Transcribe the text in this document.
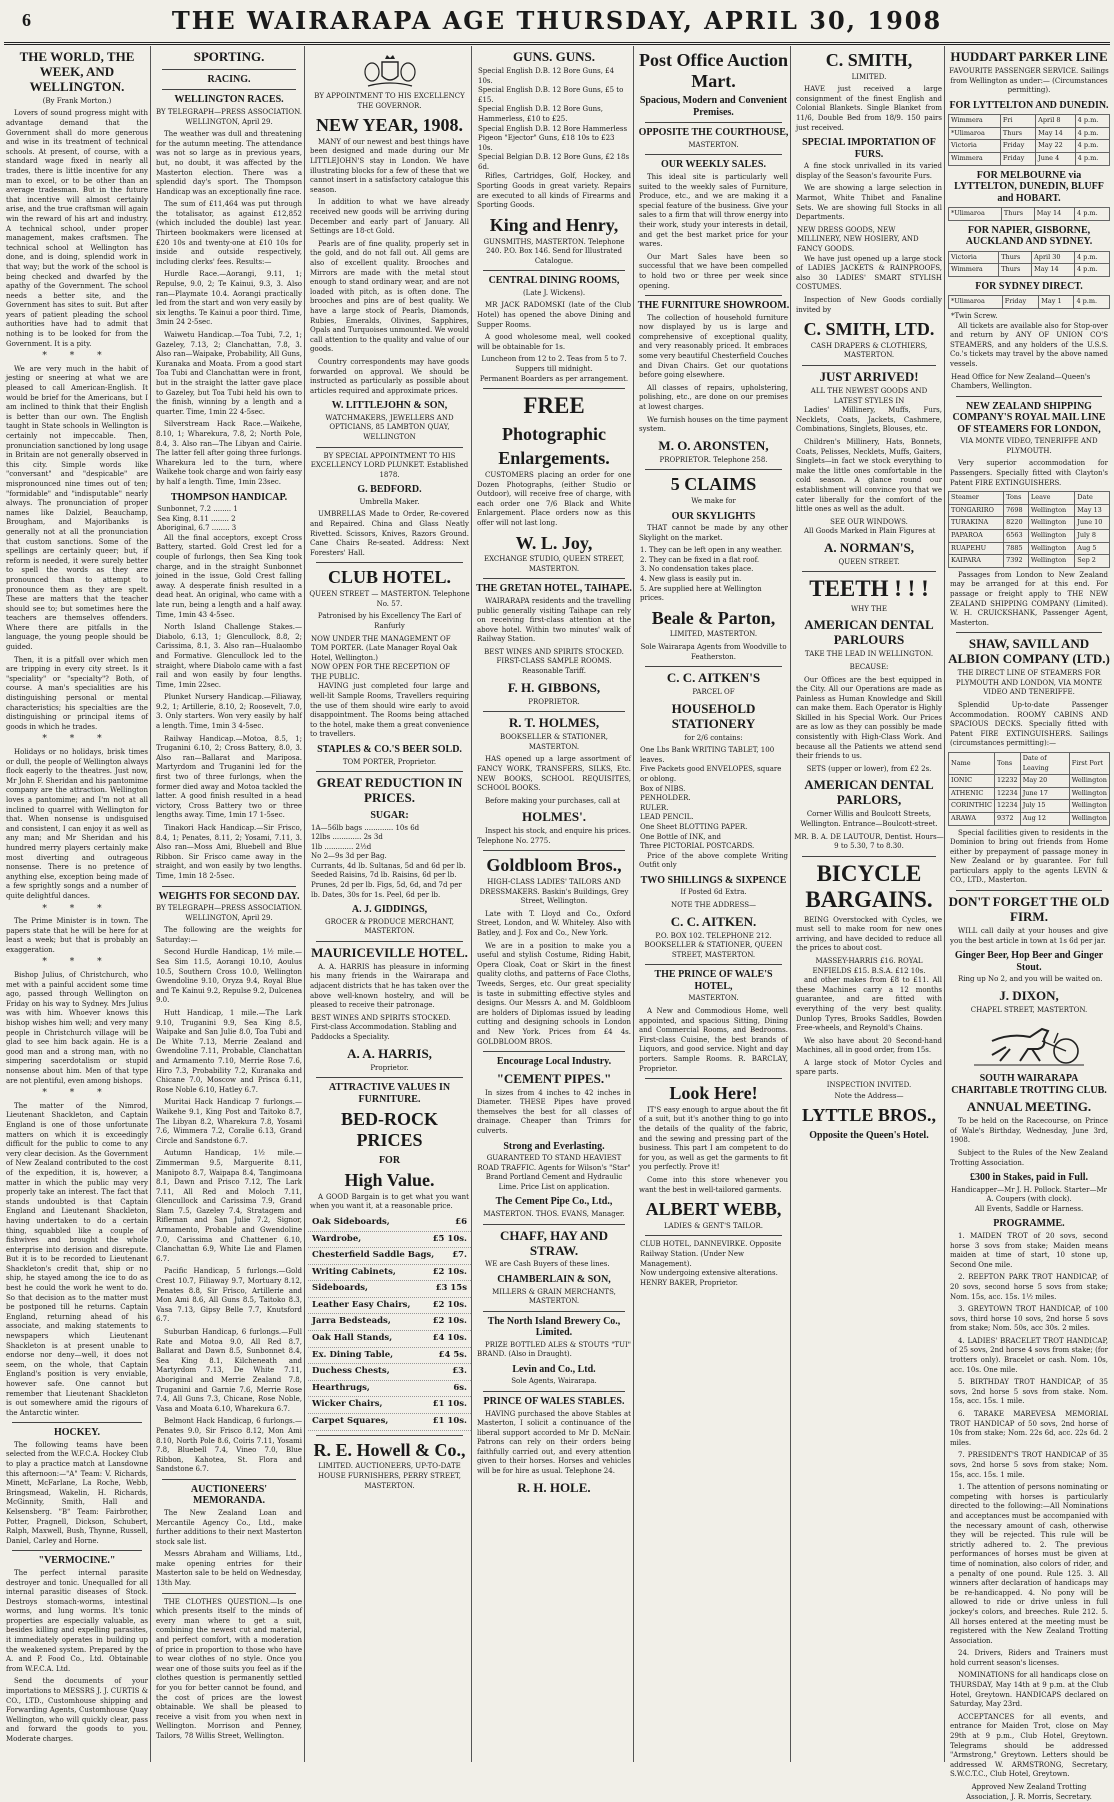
6	THE WAIRARAPA AGE THURSDAY, APRIL 30, 1908
THE WORLD, THE WEEK, AND WELLINGTON.
(By Frank Morton.)
Lovers of sound progress might with advantage demand that the Government shall do more generous and wise in its treatment of technical schools. At present, of course, with a standard wage fixed in nearly all trades, there is little incentive for any man to excel, or to be other than an average tradesman. But in the future that incentive will almost certainly arise, and the true craftsman will again win the reward of his art and industry. A technical school, under proper management, makes craftsmen. The technical school at Wellington has done, and is doing, splendid work in that way; but the work of the school is being checked and dwarfed by the apathy of the Government. The school needs a better site, and the Government has sites to suit. But after years of patient pleading the school authorities have had to admit that nothing is to be looked for from the Government. It is a pity.
* * *
We are very much in the habit of jesting or sneering at what we are pleased to call American-English. It would be brief for the Americans, but I am inclined to think that their English is better than our own. The English taught in State schools in Wellington is certainly not impeccable. Then, pronunciation sanctioned by long usage in Britain are not generally observed in this city. Simple words like "conversant" and "despicable" are mispronounced nine times out of ten; "formidable" and "indisputable" nearly always. The pronunciation of proper names like Dalziel, Beauchamp, Brougham, and Majoribanks is generally not at all the pronunciation that custom sanctions. Some of the spellings are certainly queer; but, if reform is needed, it were surely better to spell the words as they are pronounced than to attempt to pronounce them as they are spelt. These are matters that the teacher should see to; but sometimes here the teachers are themselves offenders. Where there are pitfalls in the language, the young people should be guided.
Then, it is a pitfall over which men are tripping in every city street. Is it "speciality" or "specialty"? Both, of course. A man's specialities are his distinguishing personal or mental characteristics; his specialties are the distinguishing or principal items of goods in which he trades.
* * *
Holidays or no holidays, brisk times or dull, the people of Wellington always flock eagerly to the theatres. Just now, Mr John F. Sheridan and his pantomime company are the attraction. Wellington loves a pantomime; and I'm not at all inclined to quarrel with Wellington for that. When nonsense is undisguised and consistent, I can enjoy it as well as any man; and Mr Sheridan and his hundred merry players certainly make most diverting and outrageous nonsense. There is no pretence of anything else, exception being made of a few sprightly songs and a number of quite delightful dances.
* * *
The Prime Minister is in town. The papers state that he will be here for at least a week; but that is probably an exaggeration.
* * *
Bishop Julius, of Christchurch, who met with a painful accident some time ago, passed through Wellington on Friday on his way to Sydney. Mrs Julius was with him. Whoever knows this bishop wishes him well; and very many people in Christchurch village will be glad to see him back again. He is a good man and a strong man, with no simpering sacerdotalism or stupid nonsense about him. Men of that type are not plentiful, even among bishops.
* * *
The matter of the Nimrod, Lieutenant Shackleton, and Captain England is one of those unfortunate matters on which it is exceedingly difficult for the public to come to any very clear decision. As the Government of New Zealand contributed to the cost of the expedition, it is, however, a matter in which the public may very properly take an interest. The fact that stands undoubted is that Captain England and Lieutenant Shackleton, having undertaken to do a certain thing, squabbled like a couple of fishwives and brought the whole enterprise into derision and disrepute. But it is to be recorded to Lieutenant Shackleton's credit that, ship or no ship, he stayed among the ice to do as best he could the work he went to do. So that decision as to the matter must be postponed till he returns. Captain England, returning ahead of his associate, and making statements to newspapers which Lieutenant Shackleton is at present unable to endorse nor deny—well, it does not seem, on the whole, that Captain England's position is very enviable, however safe. One cannot but remember that Lieutenant Shackleton is out somewhere amid the rigours of the Antarctic winter.
HOCKEY.
The following teams have been selected from the W.F.C.A. Hockey Club to play a practice match at Lansdowne this afternoon:—"A" Team: V. Richards, Minett, McFarlane, La Roche, Webb, Bringsmead, Wakelin, H. Richards, McGinnity, Smith, Hall and Kelsensberg. "B" Team: Fairbrother, Potter, Pragnell, Dickson, Schubert, Ralph, Maxwell, Bush, Thynne, Russell, Daniel, Carley and Horne.
"VERMOCINE."
The perfect internal parasite destroyer and tonic. Unequalled for all internal parasitic diseases of Stock. Destroys stomach-worms, intestinal worms, and lung worms. It's tonic properties are especially valuable, as besides killing and expelling parasites, it immediately operates in building up the weakened system. Prepared by the A. and P. Food Co., Ltd. Obtainable from W.F.C.A. Ltd.
Send the documents of your importations to MESSRS J. J. CURTIS & CO., LTD., Customhouse shipping and Forwarding Agents, Customhouse Quay Wellington, who will quickly clear, pass and forward the goods to you. Moderate charges.
SPORTING.
RACING.
WELLINGTON RACES.
BY TELEGRAPH—PRESS ASSOCIATION. WELLINGTON, April 29.
The weather was dull and threatening for the autumn meeting. The attendance was not so large as in previous years, but, no doubt, it was affected by the Masterton election. There was a splendid day's sport. The Thompson Handicap was an exceptionally fine race.
The sum of £11,464 was put through the totalisator, as against £12,852 (which included the double) last year. Thirteen bookmakers were licensed at £20 10s and twenty-one at £10 10s for inside and outside respectively, including clerks' fees. Results:—
Hurdle Race.—Aorangi, 9.11, 1; Repulse, 9.0, 2; Te Kainui, 9.3, 3. Also ran—Playmate 10.4. Aorangi practically led from the start and won very easily by six lengths. Te Kainui a poor third. Time, 3min 24 2-5sec.
Waiwetu Handicap.—Toa Tubi, 7.2, 1; Gazeley, 7.13, 2; Clanchattan, 7.8, 3. Also ran—Waipake, Probability, All Guns, Kuranaka and Moata. From a good start Toa Tubi and Clanchattan were in front, but in the straight the latter gave place to Gazeley, but Toa Tubi held his own to the finish, winning by a length and a quarter. Time, 1min 22 4-5sec.
Silverstream Hack Race.—Waikehe, 8.10, 1; Wharekura, 7.8, 2; North Pole, 8.4, 3. Also ran—The Libyan and Cairie. The latter fell after going three furlongs. Wharekura led to the turn, where Waikehe took charge and won fairly easy by half a length. Time, 1min 23sec.
THOMPSON HANDICAP.
Sunbonnet, 7.2 ........ 1
Sea King, 8.11 ........ 2
Aboriginal, 6.7 ........ 3
All the final acceptors, except Cross Battery, started. Gold Crest led for a couple of furlongs, then Sea King took charge, and in the straight Sunbonnet joined in the issue, Gold Crest falling away. A desperate finish resulted in a dead heat. An original, who came with a late run, being a length and a half away. Time, 1min 43 4-5sec.
North Island Challenge Stakes.—Diabolo, 6.13, 1; Glencullock, 8.8, 2; Carissima, 8.1, 3. Also ran—Hualaombo and Formative. Glencullock led to the straight, where Diabolo came with a fast rail and won easily by four lengths. Time, 1min 22sec.
Plunket Nursery Handicap.—Filiaway, 9.2, 1; Artillerie, 8.10, 2; Roosevelt, 7.0, 3. Only starters. Won very easily by half a length. Time, 1min 3 4-5sec.
Railway Handicap.—Motoa, 8.5, 1; Truganini 6.10, 2; Cross Battery, 8.0, 3. Also ran—Ballarat and Mariposa. Martyrdom and Truganini led for the first two of three furlongs, when the former died away and Motoa tackled the latter. A good finish resulted in a head victory, Cross Battery two or three lengths away. Time, 1min 17 1-5sec.
Tinakori Hack Handicap.—Sir Frisco, 8.4, 1; Penates, 8.11, 2; Yosami, 7.11, 3. Also ran—Moss Ami, Bluebell and Blue Ribbon. Sir Frisco came away in the straight, and won easily by two lengths. Time, 1min 18 2-5sec.
WEIGHTS FOR SECOND DAY.
BY TELEGRAPH—PRESS ASSOCIATION. WELLINGTON, April 29.
The following are the weights for Saturday:—
Second Hurdle Handicap, 1½ mile.—Sea Sim 11.5, Aorangi 10.10, Aoulus 10.5, Southern Cross 10.0, Wellington Gwendoline 9.10, Oryza 9.4, Royal Blue and Te Kainui 9.2, Repulse 9.2, Dulcenea 9.0.
Hutt Handicap, 1 mile.—The Lark 9.10, Truganini 9.9, Sea King 8.5, Waipake and San Julie 8.0, Toa Tubi and De White 7.13, Merrie Zealand and Gwendoline 7.11, Probable, Clanchattan and Armamento 7.10, Merrie Rose 7.6, Hiro 7.3, Probability 7.2, Kuranaka and Chicane 7.0, Moscow and Prisca 6.11, Rose Noble 6.10, Hatley 6.7.
Muritai Hack Handicap 7 furlongs.—Waikehe 9.1, King Post and Taitoko 8.7, The Libyan 8.2, Wharekura 7.8, Yosami 7.6, Wimmera 7.2, Coralie 6.13, Grand Circle and Sandstone 6.7.
Autumn Handicap, 1½ mile.—Zimmerman 9.5, Marguerite 8.11, Manipoto 8.7, Waipapa 8.4, Tangimoana 8.1, Dawn and Prisco 7.12, The Lark 7.11, All Red and Moloch 7.11, Glencullock and Carissima 7.9, Grand Slam 7.5, Gazeley 7.4, Stratagem and Rifleman and San Julie 7.2, Signor, Armamento, Probable and Gwendoline 7.0, Carissima and Chattener 6.10, Clanchattan 6.9, White Lie and Flamen 6.7.
Pacific Handicap, 5 furlongs.—Gold Crest 10.7, Filiaway 9.7, Mortuary 8.12, Penates 8.8, Sir Frisco, Artillerie and Mon Ami 8.6, All Guns 8.5, Taitoko 8.3, Vasa 7.13, Gipsy Belle 7.7, Knutsford 6.7.
Suburban Handicap, 6 furlongs.—Full Rate and Motoa 9.0, All Red 8.7, Ballarat and Dawn 8.5, Sunbonnet 8.4, Sea King 8.1, Kilcheneath and Martyrdom 7.13, De White 7.11, Aboriginal and Merrie Zealand 7.8, Truganini and Garnie 7.6, Merrie Rose 7.4, All Guns 7.3, Chicane, Rose Noble, Vasa and Moata 6.10, Wharekura 6.7.
Belmont Hack Handicap, 6 furlongs.—Penates 9.0, Sir Frisco 8.12, Mon Ami 8.10, North Pole 8.6, Coiris 7.11, Yosami 7.8, Bluebell 7.4, Vineo 7.0, Blue Ribbon, Kahotea, St. Flora and Sandstone 6.7.
AUCTIONEERS' MEMORANDA.
The New Zealand Loan and Mercantile Agency Co., Ltd., make further additions to their next Masterton stock sale list.
Messrs Abraham and Williams, Ltd., make opening entries for their Masterton sale to be held on Wednesday, 13th May.
THE CLOTHES QUESTION.—Is one which presents itself to the minds of every man where to get a suit, combining the newest cut and material, and perfect comfort, with a moderation of price in proportion to those who have to wear clothes of no style. Once you wear one of those suits you feel as if the clothes question is permanently settled for you for better cannot be found, and the cost of prices are the lowest obtainable. We shall be pleased to receive a visit from you when next in Wellington. Morrison and Penney, Tailors, 78 Willis Street, Wellington.
BY APPOINTMENT TO HIS EXCELLENCY THE GOVERNOR.
NEW YEAR, 1908.
MANY of our newest and best things have been designed and made during our Mr LITTLEJOHN'S stay in London. We have illustrating blocks for a few of these that we cannot insert in a satisfactory catalogue this season.
In addition to what we have already received new goods will be arriving during December and early part of January. All Settings are 18-ct Gold.
Pearls are of fine quality, properly set in the gold, and do not fall out. All gems are also of excellent quality. Brooches and Mirrors are made with the metal stout enough to stand ordinary wear, and are not loaded with pitch, as is often done. The brooches and pins are of best quality. We have a large stock of Pearls, Diamonds, Rubies, Emeralds, Olivines, Sapphires, Opals and Turquoises unmounted. We would call attention to the quality and value of our goods.
Country correspondents may have goods forwarded on approval. We should be instructed as particularly as possible about articles required and approximate prices.
W. LITTLEJOHN & SON,
WATCHMAKERS, JEWELLERS AND OPTICIANS, 85 LAMBTON QUAY, WELLINGTON
BY SPECIAL APPOINTMENT TO HIS EXCELLENCY LORD PLUNKET. Established 1878.
G. BEDFORD.
Umbrella Maker.
UMBRELLAS Made to Order, Re-covered and Repaired. China and Glass Neatly Rivetted. Scissors, Knives, Razors Ground. Cane Chairs Re-seated. Address: Next Foresters' Hall.
CLUB HOTEL.
QUEEN STREET — MASTERTON. Telephone No. 57.
Patronised by his Excellency The Earl of Ranfurly
NOW UNDER THE MANAGEMENT OF TOM PORTER. (Late Manager Royal Oak Hotel, Wellington.)
NOW OPEN FOR THE RECEPTION OF THE PUBLIC.
HAVING just completed four large and well-lit Sample Rooms, Travellers requiring the use of them should wire early to avoid disappointment. The Rooms being attached to the hotel, make them a great convenience to travellers.
STAPLES & CO.'S BEER SOLD.
TOM PORTER, Proprietor.
GREAT REDUCTION IN PRICES.
SUGAR:
1A—56lb bags ............. 10s 6d
12lbs ............. 2s 3d
1lb ............. 2½d
No 2—9s 3d per Bag.
Currants, 4d lb. Sultanas, 5d and 6d per lb. Seeded Raisins, 7d lb. Raisins, 6d per lb. Prunes, 2d per lb. Figs, 5d, 6d, and 7d per lb. Dates, 30s for 1s. Peel, 6d per lb.
A. J. GIDDINGS,
GROCER & PRODUCE MERCHANT, MASTERTON.
MAURICEVILLE HOTEL.
A. A. HARRIS has pleasure in informing his many friends in the Wairarapa and adjacent districts that he has taken over the above well-known hostelry, and will be pleased to receive their patronage.
BEST WINES AND SPIRITS STOCKED. First-class Accommodation. Stabling and Paddocks a Speciality.
A. A. HARRIS,
Proprietor.
ATTRACTIVE VALUES IN FURNITURE.
BED-ROCK PRICES
FOR
High Value.
A GOOD Bargain is to get what you want when you want it, at a reasonable price.
Oak Sideboards,	£6
Wardrobe,	£5 10s.
Chesterfield Saddle Bags, £7.
Writing Cabinets,	£2 10s.
Sideboards,	£3 15s
Leather Easy Chairs,	£2 10s.
Jarra Bedsteads,	£2 10s.
Oak Hall Stands,	£4 10s.
Ex. Dining Table,	£4 5s.
Duchess Chests,	£3.
Hearthrugs,	6s.
Wicker Chairs,	£1 10s.
Carpet Squares,	£1 10s.
R. E. Howell & Co.,
LIMITED. AUCTIONEERS, UP-TO-DATE HOUSE FURNISHERS, PERRY STREET, MASTERTON.
GUNS. GUNS.
Special English D.B. 12 Bore Guns, £4 10s.
Special English D.B. 12 Bore Guns, £5 to £15.
Special English D.B. 12 Bore Guns, Hammerless, £10 to £25.
Special English D.B. 12 Bore Hammerless Pigeon "Ejector" Guns, £18 10s to £23 10s.
Special Belgian D.B. 12 Bore Guns, £2 18s 6d.
Rifles, Cartridges, Golf, Hockey, and Sporting Goods in great variety. Repairs are executed to all kinds of Firearms and Sporting Goods.
King and Henry,
GUNSMITHS, MASTERTON. Telephone 240. P.O. Box 146. Send for Illustrated Catalogue.
CENTRAL DINING ROOMS,
(Late J. Wickens).
MR JACK RADOMSKI (late of the Club Hotel) has opened the above Dining and Supper Rooms.
A good wholesome meal, well cooked will be obtainable for 1s.
Luncheon from 12 to 2. Teas from 5 to 7. Suppers till midnight.
Permanent Boarders as per arrangement.
FREE
Photographic
Enlargements.
CUSTOMERS placing an order for one Dozen Photographs, (either Studio or Outdoor), will receive free of charge, with each order one 7/6 Black and White Enlargement. Place orders now as this offer will not last long.
W. L. Joy,
EXCHANGE STUDIO, QUEEN STREET, MASTERTON.
THE GRETAN HOTEL, TAIHAPE.
WAIRARAPA residents and the travelling public generally visiting Taihape can rely on receiving first-class attention at the above hotel. Within two minutes' walk of Railway Station.
BEST WINES AND SPIRITS STOCKED. FIRST-CLASS SAMPLE ROOMS. Reasonable Tariff.
F. H. GIBBONS,
PROPRIETOR.
R. T. HOLMES,
BOOKSELLER & STATIONER, MASTERTON.
HAS opened up a large assortment of FANCY WORK, TRANSFERS, SILKS, Etc. NEW BOOKS, SCHOOL REQUISITES, SCHOOL BOOKS.
Before making your purchases, call at
HOLMES'.
Inspect his stock, and enquire his prices. Telephone No. 2775.
Goldbloom Bros.,
HIGH-CLASS LADIES' TAILORS AND DRESSMAKERS. Baskin's Buildings, Grey Street, Wellington.
Late with T. Lloyd and Co., Oxford Street, London, and W. Whiteley. Also with Batley, and J. Fox and Co., New York.
We are in a position to make you a useful and stylish Costume, Riding Habit, Opera Cloak, Coat or Skirt in the finest quality cloths, and patterns of Face Cloths, Tweeds, Serges, etc. Our great speciality is taste in submitting effective styles and designs. Our Messrs A. and M. Goldbloom are holders of Diplomas issued by leading cutting and designing schools in London and New York. Prices from £4 4s. GOLDBLOOM BROS.
Encourage Local Industry.
"CEMENT PIPES."
In sizes from 4 inches to 42 inches in Diameter. THESE Pipes have proved themselves the best for all classes of drainage. Cheaper than Trimrs for culverts.
Strong and Everlasting.
GUARANTEED TO STAND HEAVIEST ROAD TRAFFIC. Agents for Wilson's "Star" Brand Portland Cement and Hydraulic Lime. Price List on application.
The Cement Pipe Co., Ltd.,
MASTERTON. THOS. EVANS, Manager.
CHAFF, HAY AND STRAW.
WE are Cash Buyers of these lines.
CHAMBERLAIN & SON,
MILLERS & GRAIN MERCHANTS, MASTERTON.
The North Island Brewery Co., Limited.
PRIZE BOTTLED ALES & STOUTS "TUI" BRAND. (Also in Draught).
Levin and Co., Ltd.
Sole Agents, Wairarapa.
PRINCE OF WALES STABLES.
HAVING purchased the above Stables at Masterton, I solicit a continuance of the liberal support accorded to Mr D. McNair. Patrons can rely on their orders being faithfully carried out, and every attention given to their horses. Horses and vehicles will be for hire as usual. Telephone 24.
R. H. HOLE.
Post Office Auction Mart.
Spacious, Modern and Convenient Premises.
OPPOSITE THE COURTHOUSE,
MASTERTON.
OUR WEEKLY SALES.
This ideal site is particularly well suited to the weekly sales of Furniture, Produce, etc., and we are making it a special feature of the business. Give your sales to a firm that will throw energy into their work, study your interests in detail, and get the best market price for your wares.
Our Mart Sales have been so successful that we have been compelled to hold two or three per week since opening.
THE FURNITURE SHOWROOM.
The collection of household furniture now displayed by us is large and comprehensive of exceptional quality, and very reasonably priced. It embraces some very beautiful Chesterfield Couches and Divan Chairs. Get our quotations before going elsewhere.
All classes of repairs, upholstering, polishing, etc., are done on our premises at lowest charges.
We furnish houses on the time payment system.
M. O. ARONSTEN,
PROPRIETOR. Telephone 258.
5 CLAIMS
We make for
OUR SKYLIGHTS
THAT cannot be made by any other Skylight on the market.
1. They can be left open in any weather.
2. They can be fixed in a flat roof.
3. No condensation takes place.
4. New glass is easily put in.
5. Are supplied here at Wellington prices.
Beale & Parton,
LIMITED, MASTERTON.
Sole Wairarapa Agents from Woodville to Featherston.
C. C. AITKEN'S
PARCEL OF
HOUSEHOLD STATIONERY
for 2/6 contains:
One Lbs Bank WRITING TABLET, 100 leaves.
Five Packets good ENVELOPES, square or oblong.
Box of NIBS.
PENHOLDER.
RULER.
LEAD PENCIL.
One Sheet BLOTTING PAPER.
One Bottle of INK, and
Three PICTORIAL POSTCARDS.
Price of the above complete Writing Outfit only
TWO SHILLINGS & SIXPENCE
If Posted 6d Extra.
NOTE THE ADDRESS—
C. C. AITKEN.
P.O. BOX 102. TELEPHONE 212. BOOKSELLER & STATIONER, QUEEN STREET, MASTERTON.
THE PRINCE OF WALE'S HOTEL,
MASTERTON.
A New and Commodious Home, well appointed, and spacious Sitting, Dining and Commercial Rooms, and Bedrooms. First-class Cuisine, the best brands of Liquors, and good service. Night and day porters. Sample Rooms. R. BARCLAY, Proprietor.
Look Here!
IT'S easy enough to argue about the fit of a suit, but it's another thing to go into the details of the quality of the fabric, and the sewing and pressing part of the business. This part I am competent to do for you, as well as get the garments to fit you perfectly. Prove it!
Come into this store whenever you want the best in well-tailored garments.
ALBERT WEBB,
LADIES & GENT'S TAILOR.
CLUB HOTEL, DANNEVIRKE. Opposite Railway Station. (Under New Management).
Now undergoing extensive alterations. HENRY BAKER, Proprietor.
C. SMITH,
LIMITED.
HAVE just received a large consignment of the finest English and Colonial Blankets. Single Blanket from 11/6, Double Bed from 18/9. 150 pairs just received.
SPECIAL IMPORTATION OF FURS.
A fine stock unrivalled in its varied display of the Season's favourite Furs.
We are showing a large selection in Marmot, White Thibet and Fanaline Sets. We are showing full Stocks in all Departments.
NEW DRESS GOODS, NEW MILLINERY, NEW HOSIERY, AND FANCY GOODS.
We have just opened up a large stock of LADIES JACKETS & RAINPROOFS, also 30 LADIES' SMART STYLISH COSTUMES.
Inspection of New Goods cordially invited by
C. SMITH, LTD.
CASH DRAPERS & CLOTHIERS, MASTERTON.
JUST ARRIVED!
ALL THE NEWEST GOODS AND LATEST STYLES IN
Ladies' Millinery, Muffs, Furs, Necklets, Coats, Jackets, Cashmere, Combinations, Singlets, Blouses, etc.
Children's Millinery, Hats, Bonnets, Coats, Pelisses, Necklets, Muffs, Gaiters, Singlets—in fact we stock everything to make the little ones comfortable in the cold season. A glance round our establishment will convince you that we cater liberally for the comfort of the little ones as well as the adult.
SEE OUR WINDOWS.
All Goods Marked in Plain Figures at
A. NORMAN'S,
QUEEN STREET.
TEETH ! ! !
WHY THE
AMERICAN DENTAL PARLOURS
TAKE THE LEAD IN WELLINGTON.
BECAUSE:
Our Offices are the best equipped in the City. All our Operations are made as Painless as Human Knowledge and Skill can make them. Each Operator is Highly Skilled in his Special Work. Our Prices are as low as they can possibly be made consistently with High-Class Work. And because all the Patients we attend send their friends to us.
SETS (upper or lower), from £2 2s.
AMERICAN DENTAL PARLORS,
Corner Willis and Boulcott Streets, Wellington. Entrance—Boulcott-street.
MR. B. A. DE LAUTOUR, Dentist. Hours—9 to 5.30, 7 to 8.30.
BICYCLE BARGAINS.
BEING Overstocked with Cycles, we must sell to make room for new ones arriving, and have decided to reduce all the prices to about cost.
MASSEY-HARRIS £16. ROYAL ENFIELDS £15. B.S.A. £12 10s.
and other makes from £8 to £11. All these Machines carry a 12 months guarantee, and are fitted with everything of the very best quality. Dunlop Tyres, Brooks Saddles, Bowden Free-wheels, and Reynold's Chains.
We also have about 20 Second-hand Machines, all in good order, from 15s.
A large stock of Motor Cycles and spare parts.
INSPECTION INVITED.
Note the Address—
LYTTLE BROS.,
Opposite the Queen's Hotel.
HUDDART PARKER LINE
FAVOURITE PASSENGER SERVICE. Sailings from Wellington as under:— (Circumstances permitting).
FOR LYTTELTON AND DUNEDIN.
Wimmera	Fri	April 8	4 p.m.
*Ulimaroa	Thurs	May 14	4 p.m.
Victoria	Friday	May 22	4 p.m.
Wimmera	Friday	June 4	4 p.m.
FOR MELBOURNE via LYTTELTON, DUNEDIN, BLUFF and HOBART.
*Ulimaroa	Thurs	May 14	4 p.m.
FOR NAPIER, GISBORNE, AUCKLAND AND SYDNEY.
Victoria	Thurs	April 30	4 p.m.
Wimmera	Thurs	May 14	4 p.m.
FOR SYDNEY DIRECT.
*Ulimaroa	Friday	May 1	4 p.m.
*Twin Screw.
All tickets are available also for Stop-over and return by ANY OF UNION CO'S STEAMERS, and any holders of the U.S.S. Co.'s tickets may travel by the above named vessels.
Head Office for New Zealand—Queen's Chambers, Wellington.
NEW ZEALAND SHIPPING COMPANY'S ROYAL MAIL LINE OF STEAMERS FOR LONDON,
VIA MONTE VIDEO, TENERIFFE AND PLYMOUTH.
Very superior accommodation for Passengers. Specially fitted with Clayton's Patent FIRE EXTINGUISHERS.
Steamer	Tons	Leave	Date
TONGARIRO	7698	Wellington	May 13
TURAKINA	8220	Wellington	June 10
PAPAROA	6563	Wellington	July 8
RUAPEHU	7885	Wellington	Aug 5
KAIPARA	7392	Wellington	Sep 2
Passages from London to New Zealand may be arranged for at this end. For passage or freight apply to THE NEW ZEALAND SHIPPING COMPANY (Limited). W. H. CRUICKSHANK, Passenger Agent, Masterton.
SHAW, SAVILL AND ALBION COMPANY (LTD.)
THE DIRECT LINE OF STEAMERS FOR PLYMOUTH AND LONDON, VIA MONTE VIDEO AND TENERIFFE.
Splendid Up-to-date Passenger Accommodation. ROOMY CABINS AND SPACIOUS DECKS. Specially fitted with Patent FIRE EXTINGUISHERS. Sailings (circumstances permitting):—
Name	Tons	Date of Leaving	First Port
IONIC	12232	May 20	Wellington
ATHENIC	12234	June 17	Wellington
CORINTHIC	12234	July 15	Wellington
ARAWA	9372	Aug 12	Wellington
Special facilities given to residents in the Dominion to bring out friends from Home either by prepayment of passage money in New Zealand or by guarantee. For full particulars apply to the agents LEVIN & CO., LTD., Masterton.
DON'T FORGET THE OLD FIRM.
WILL call daily at your houses and give you the best article in town at 1s 6d per jar.
Ginger Beer, Hop Beer and Ginger Stout.
Ring up No 2, and you will be waited on.
J. DIXON,
CHAPEL STREET, MASTERTON.
SOUTH WAIRARAPA CHARITABLE TROTTING CLUB.
ANNUAL MEETING.
To be held on the Racecourse, on Prince of Wale's Birthday, Wednesday, June 3rd, 1908.
Subject to the Rules of the New Zealand Trotting Association.
£300 in Stakes, paid in Full.
Handicapper—Mr J. H. Pollock. Starter—Mr A. Coupers (with clock).
All Events, Saddle or Harness.
PROGRAMME.
1. MAIDEN TROT of 20 sovs, second horse 3 sovs from stake; Maiden means maiden at time of start, 10 stone up, Second One mile.
2. REEFTON PARK TROT HANDICAP, of 20 sovs, second horse 5 sovs from stake; Nom. 15s, acc. 15s. 1½ miles.
3. GREYTOWN TROT HANDICAP, of 100 sovs, third horse 10 sovs, 2nd horse 5 sovs from stake; Nom. 50s, acc 30s. 2 miles.
4. LADIES' BRACELET TROT HANDICAP, of 25 sovs, 2nd horse 4 sovs from stake; (for trotters only). Bracelet or cash. Nom. 10s, acc. 10s. One mile.
5. BIRTHDAY TROT HANDICAP, of 35 sovs, 2nd horse 5 sovs from stake. Nom. 15s, acc. 15s. 1 mile.
6. TARAKE MAREVESA MEMORIAL TROT HANDICAP of 50 sovs, 2nd horse of 10s from stake; Nom. 22s 6d, acc. 22s 6d. 2 miles.
7. PRESIDENT'S TROT HANDICAP of 35 sovs, 2nd horse 5 sovs from stake; Nom. 15s, acc. 15s. 1 mile.
1. The attention of persons nominating or competing with horses is particularly directed to the following:—All Nominations and acceptances must be accompanied with the necessary amount of cash, otherwise they will be rejected. This rule will be strictly adhered to. 2. The previous performances of horses must be given at time of nomination, also colors of rider, and a penalty of one pound. Rule 125. 3. All winners after declaration of handicaps may be re-handicapped. 4. No pony will be allowed to ride or drive unless in full jockey's colors, and breeches. Rule 212. 5. All horses entered at the meeting must be registered with the New Zealand Trotting Association.
24. Drivers, Riders and Trainers must hold current season's licenses.
NOMINATIONS for all handicaps close on THURSDAY, May 14th at 9 p.m. at the Club Hotel, Greytown. HANDICAPS declared on Saturday, May 23rd.
ACCEPTANCES for all events, and entrance for Maiden Trot, close on May 29th at 9 p.m., Club Hotel, Greytown. Telegrams should be addressed "Armstrong," Greytown. Letters should be addressed W. ARMSTRONG, Secretary, S.W.C.T.C., Club Hotel, Greytown.
Approved New Zealand Trotting Association, J. R. Morris, Secretary.
